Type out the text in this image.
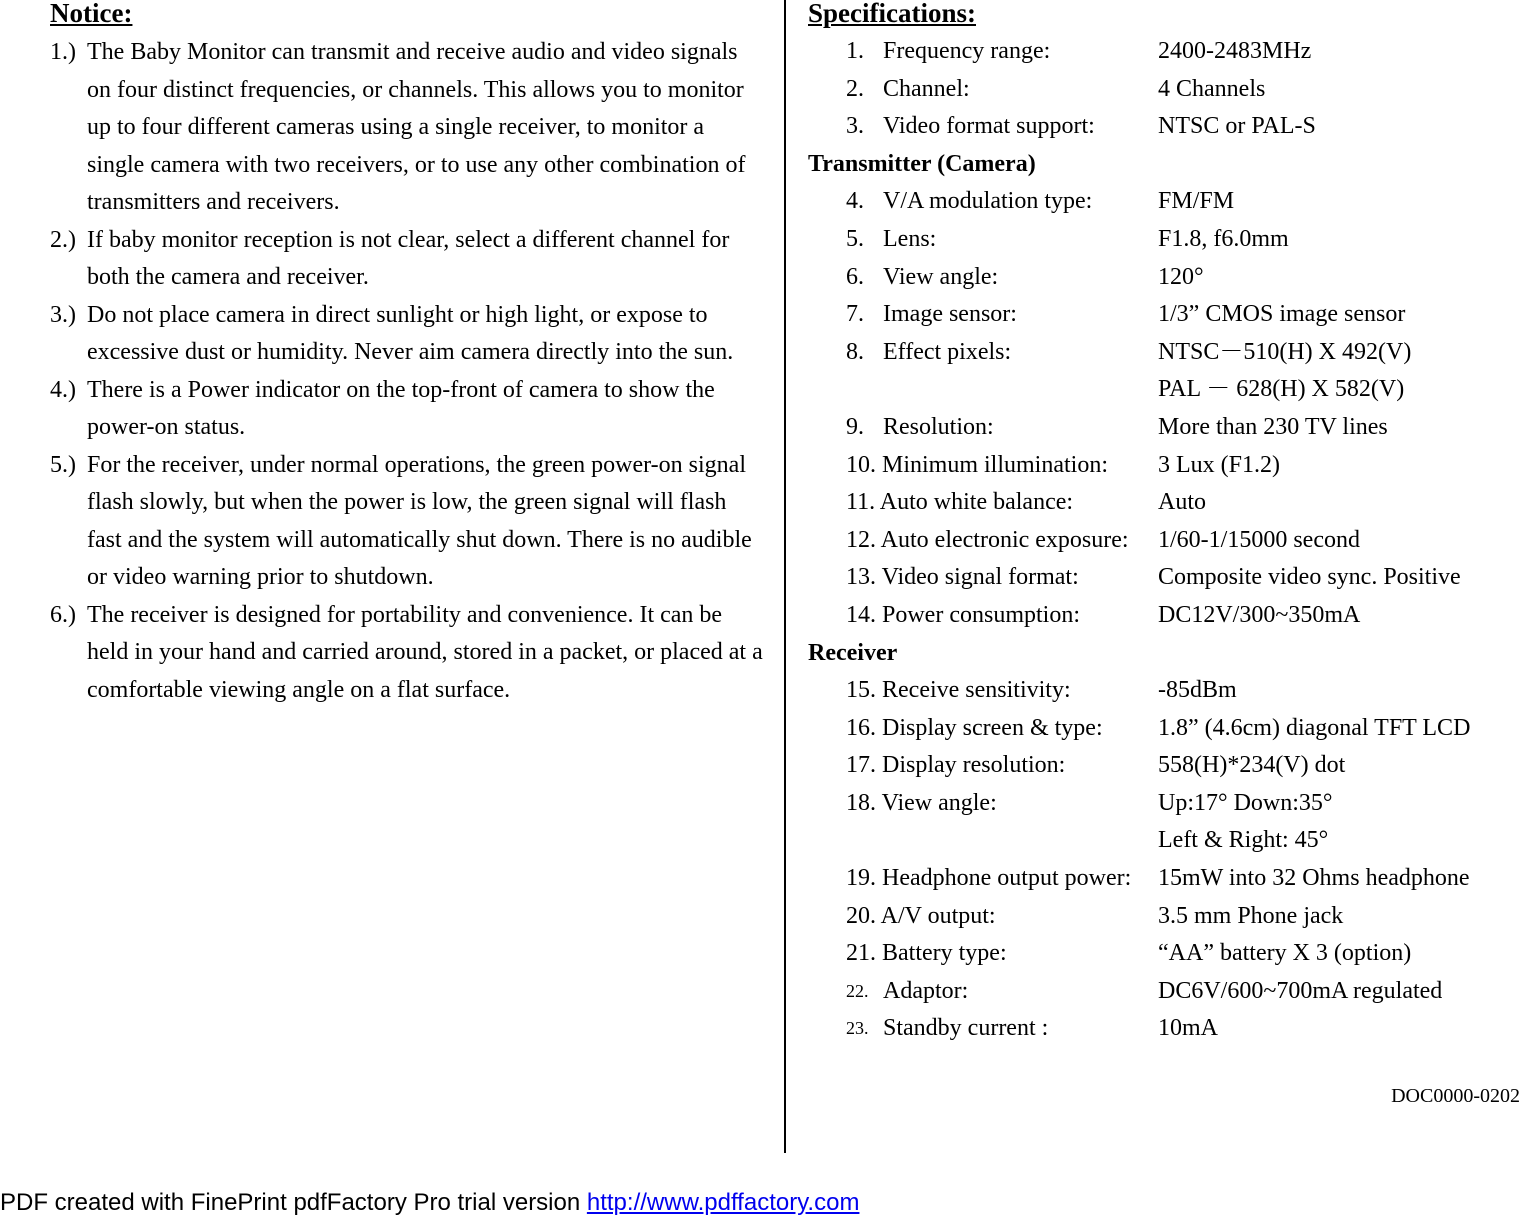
Notice:
1.) The Baby Monitor can transmit and receive audio and video signals on four distinct frequencies, or channels. This allows you to monitor up to four different cameras using a single receiver, to monitor a single camera with two receivers, or to use any other combination of transmitters and receivers.
2.) If baby monitor reception is not clear, select a different channel for both the camera and receiver.
3.) Do not place camera in direct sunlight or high light, or expose to excessive dust or humidity. Never aim camera directly into the sun.
4.) There is a Power indicator on the top-front of camera to show the power-on status.
5.) For the receiver, under normal operations, the green power-on signal flash slowly, but when the power is low, the green signal will flash fast and the system will automatically shut down. There is no audible or video warning prior to shutdown.
6.) The receiver is designed for portability and convenience. It can be held in your hand and carried around, stored in a packet, or placed at a comfortable viewing angle on a flat surface.
Specifications:
1. Frequency range:	2400-2483MHz
2. Channel:	4 Channels
3. Video format support:	NTSC or PAL-S
Transmitter (Camera)
4. V/A modulation type:	FM/FM
5. Lens:	F1.8, f6.0mm
6. View angle:	120°
7. Image sensor:	1/3” CMOS image sensor
8. Effect pixels:	NTSC－510(H) X 492(V)
PAL － 628(H) X 582(V)
9. Resolution:	More than 230 TV lines
10. Minimum illumination: 3 Lux (F1.2)
11. Auto white balance:	Auto
12. Auto electronic exposure: 1/60-1/15000 second
13. Video signal format:	Composite video sync. Positive
14. Power consumption:	DC12V/300~350mA
Receiver
15. Receive sensitivity:	-85dBm
16. Display screen & type: 1.8” (4.6cm) diagonal TFT LCD
17. Display resolution:	558(H)*234(V) dot
18. View angle:	Up:17° Down:35°
Left & Right: 45°
19. Headphone output power: 15mW into 32 Ohms headphone
20. A/V output:	3.5 mm Phone jack
21. Battery type:	“AA” battery X 3 (option)
22. Adaptor:	DC6V/600~700mA regulated
23. Standby current :	10mA
DOC0000-0202
PDF created with FinePrint pdfFactory Pro trial version http://www.pdffactory.com
